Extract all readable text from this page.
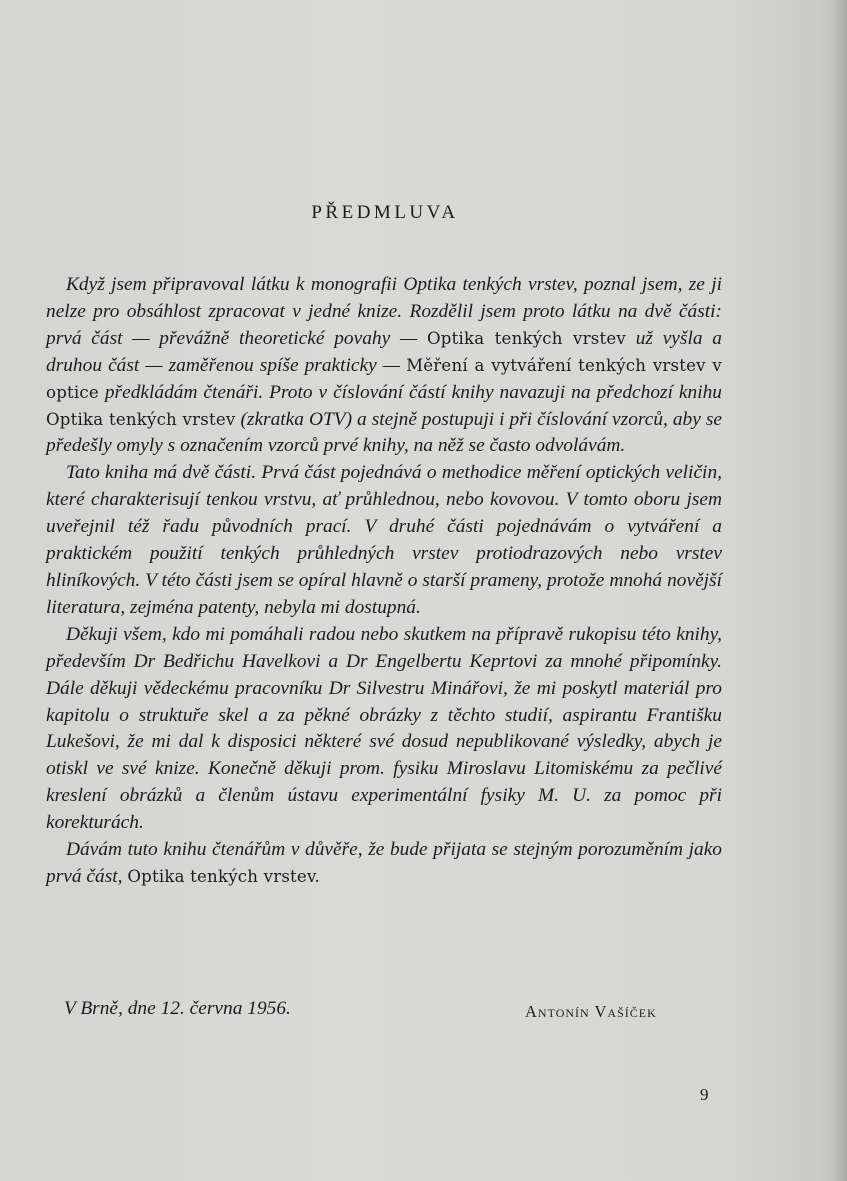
PŘEDMLUVA

Když jsem připravoval látku k monografii Optika tenkých vrstev, poznal jsem, ze ji nelze pro obsáhlost zpracovat v jedné knize. Rozdělil jsem proto látku na dvě části: prvá část — převážně theoretické povahy — Optika tenkých vrstev už vyšla a druhou část — zaměřenou spíše prakticky — Měření a vytváření tenkých vrstev v optice předkládám čtenáři. Proto v číslování částí knihy navazuji na předchozí knihu Optika tenkých vrstev (zkratka OTV) a stejně postupuji i při číslování vzorců, aby se předešly omyly s označením vzorců prvé knihy, na něž se často odvolávám.

Tato kniha má dvě části. Prvá část pojednává o methodice měření optických veličin, které charakterisují tenkou vrstvu, ať průhlednou, nebo kovovou. V tomto oboru jsem uveřejnil též řadu původních prací. V druhé části pojednávám o vytváření a praktickém použití tenkých průhledných vrstev protiodrazových nebo vrstev hliníkových. V této části jsem se opíral hlavně o starší prameny, protože mnohá novější literatura, zejména patenty, nebyla mi dostupná.

Děkuji všem, kdo mi pomáhali radou nebo skutkem na přípravě rukopisu této knihy, především Dr Bedřichu Havelkovi a Dr Engelbertu Keprtovi za mnohé připomínky. Dále děkuji vědeckému pracovníku Dr Silvestru Minářovi, že mi poskytl materiál pro kapitolu o struktuře skel a za pěkné obrázky z těchto studií, aspirantu Františku Lukešovi, že mi dal k disposici některé své dosud nepublikované výsledky, abych je otiskl ve své knize. Konečně děkuji prom. fysiku Miroslavu Litomiskému za pečlivé kreslení obrázků a členům ústavu experimentální fysiky M. U. za pomoc při korekturách.

Dávám tuto knihu čtenářům v důvěře, že bude přijata se stejným porozuměním jako prvá část, Optika tenkých vrstev.

V Brně, dne 12. června 1956.	Antonín Vašíček
9
